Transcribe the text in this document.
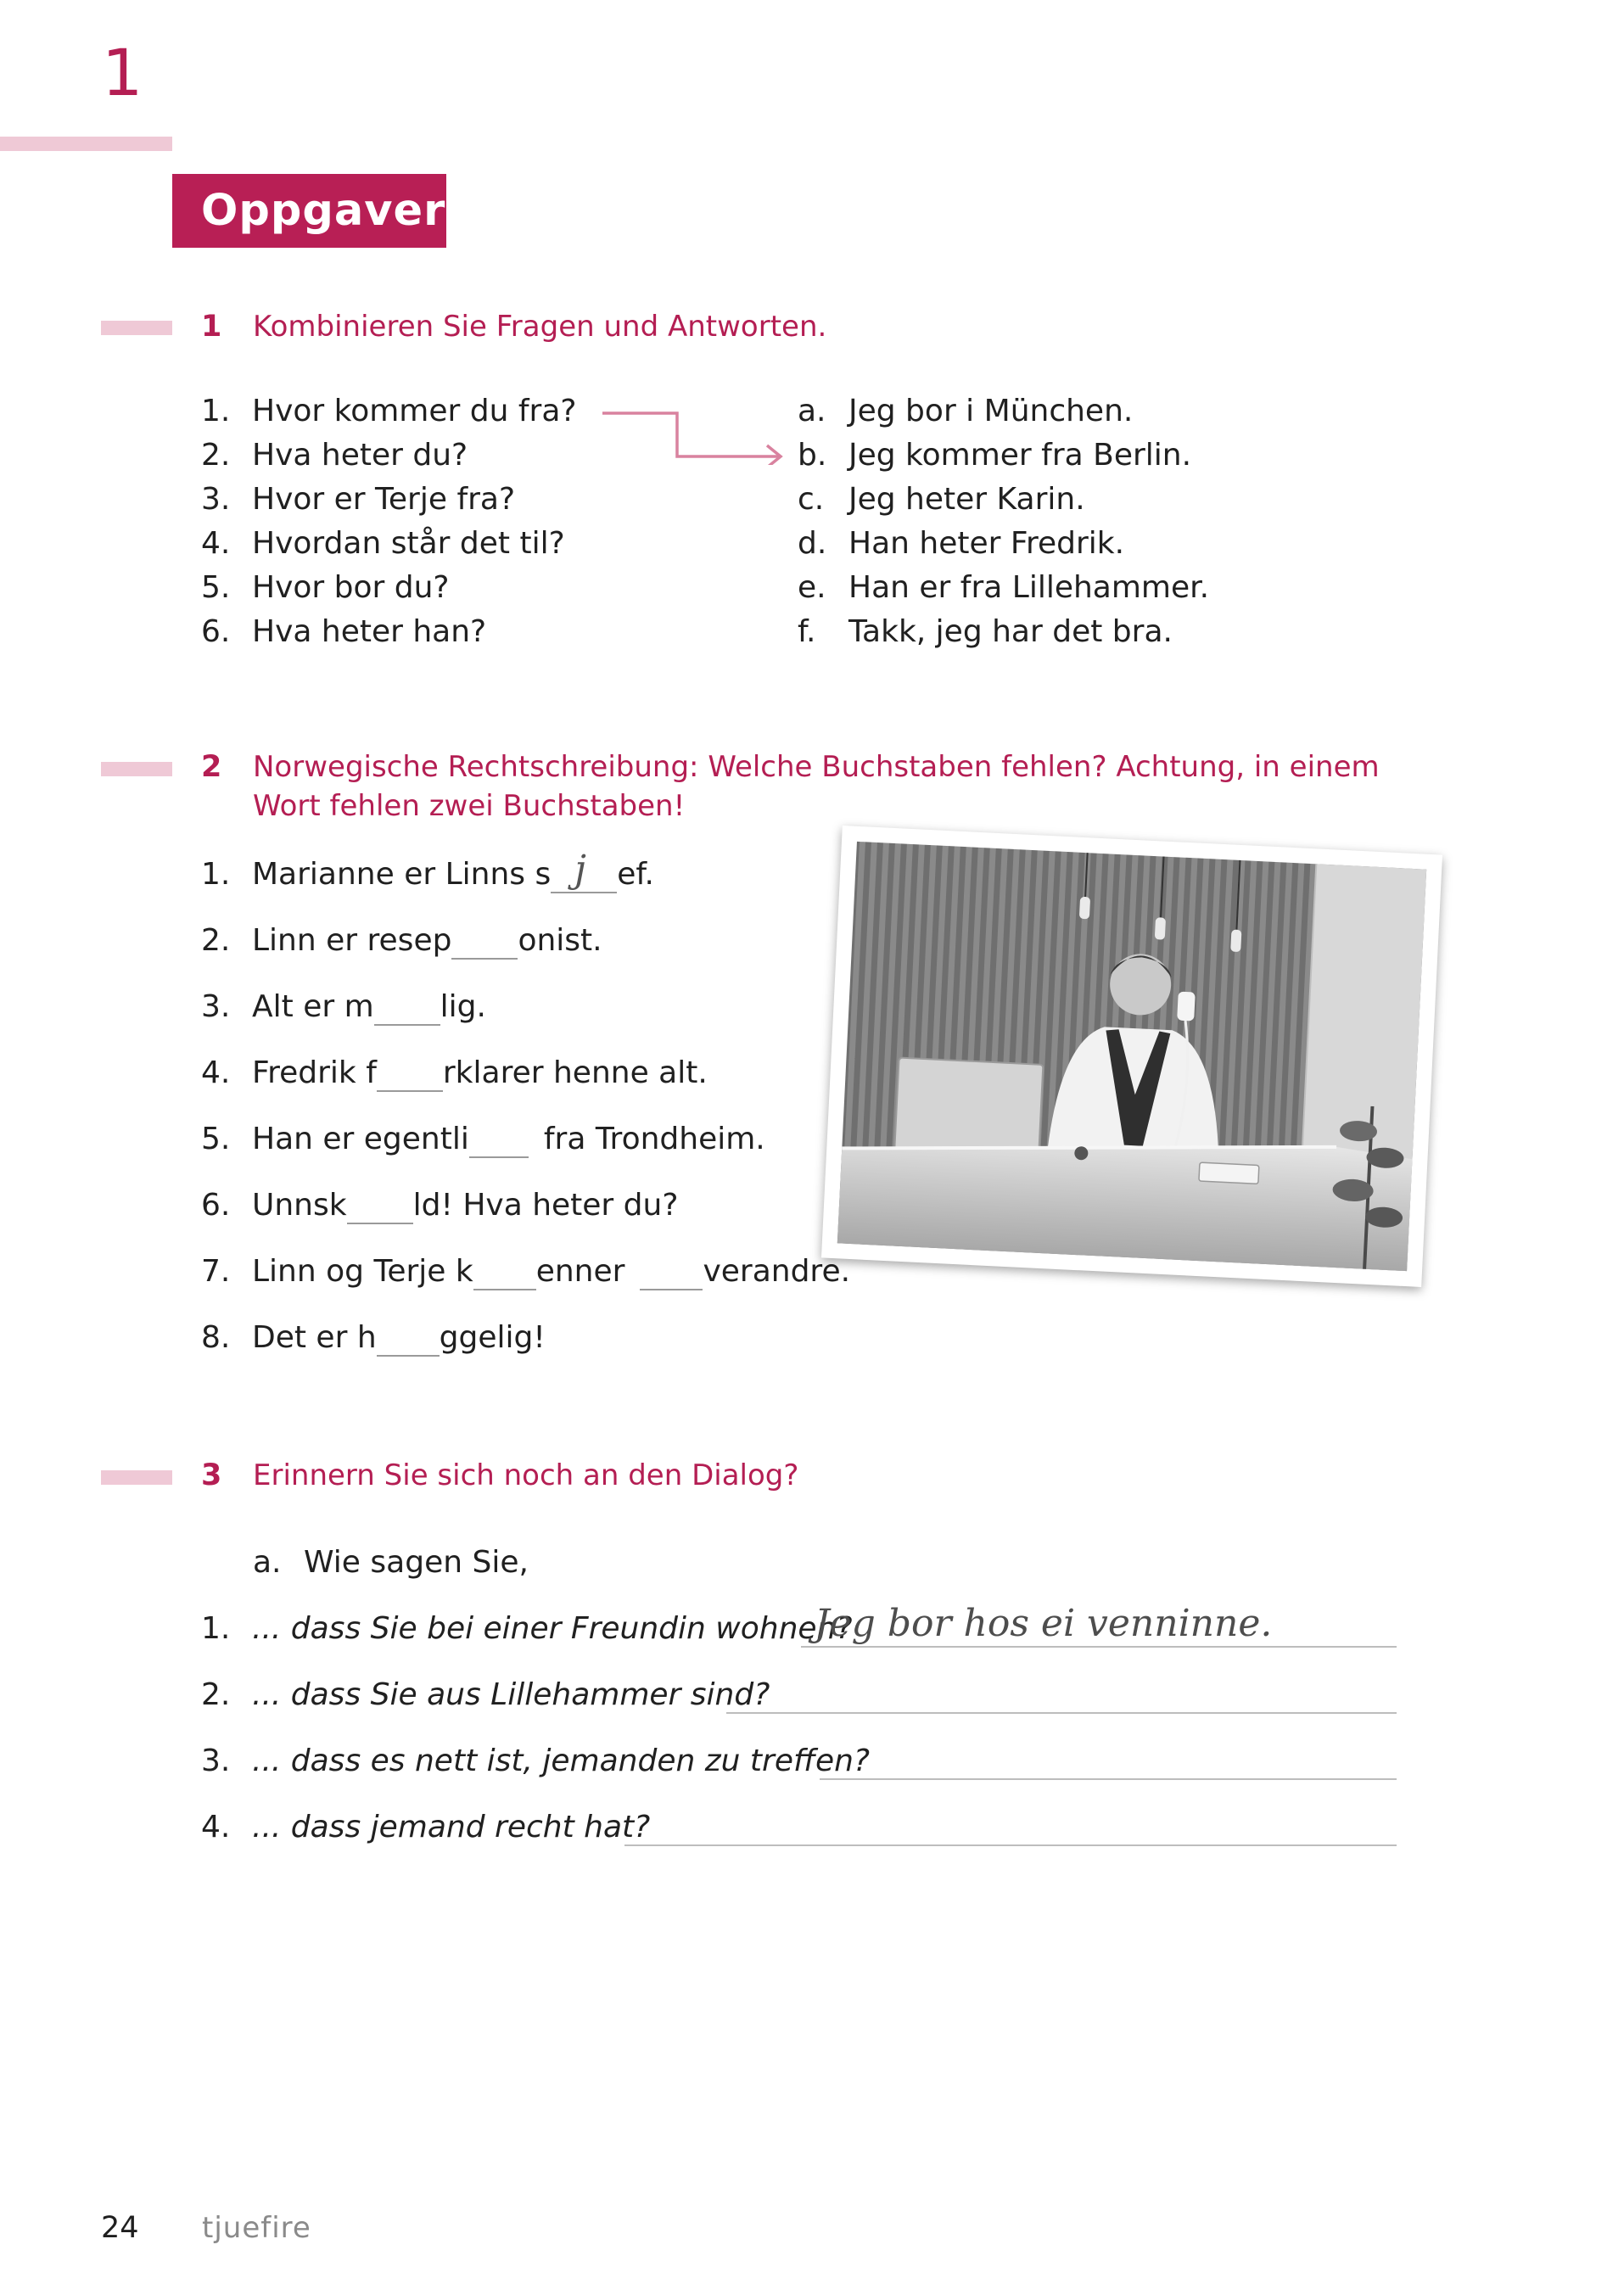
1
Oppgaver
1 Kombinieren Sie Fragen und Antworten.
1. Hvor kommer du fra?
2. Hva heter du?
3. Hvor er Terje fra?
4. Hvordan står det til?
5. Hvor bor du?
6. Hva heter han?
a. Jeg bor i München.
b. Jeg kommer fra Berlin.
c. Jeg heter Karin.
d. Han heter Fredrik.
e. Han er fra Lillehammer.
f. Takk, jeg har det bra.
2 Norwegische Rechtschreibung: Welche Buchstaben fehlen? Achtung, in einem
Wort fehlen zwei Buchstaben!
1. Marianne er Linns s j ef.
2. Linn er resep onist.
3. Alt er m lig.
4. Fredrik f rklarer henne alt.
5. Han er egentli fra Trondheim.
6. Unnsk ld! Hva heter du?
7. Linn og Terje k enner	verandre.
8. Det er h ggelig!
3 Erinnern Sie sich noch an den Dialog?
a. Wie sagen Sie,
1. ... dass Sie bei einer Freundin wohnen?
Jeg bor hos ei venninne.
2. ... dass Sie aus Lillehammer sind?
3. ... dass es nett ist, jemanden zu treffen?
4. ... dass jemand recht hat?
24 tjuefire
